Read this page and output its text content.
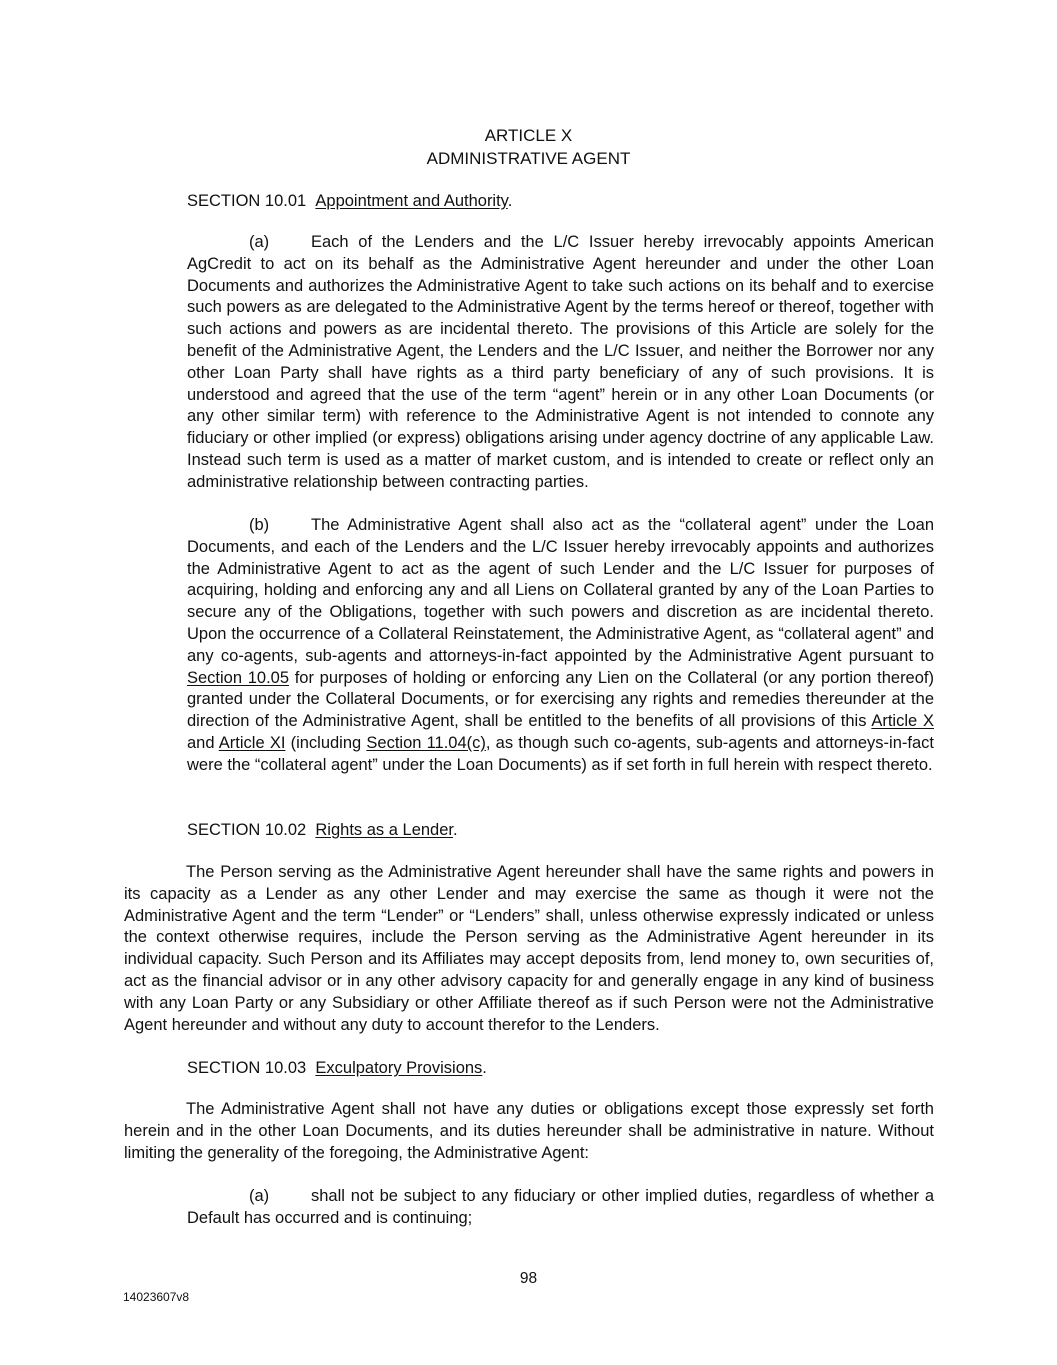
ARTICLE X
ADMINISTRATIVE AGENT
SECTION 10.01 Appointment and Authority.
(a)	Each of the Lenders and the L/C Issuer hereby irrevocably appoints American AgCredit to act on its behalf as the Administrative Agent hereunder and under the other Loan Documents and authorizes the Administrative Agent to take such actions on its behalf and to exercise such powers as are delegated to the Administrative Agent by the terms hereof or thereof, together with such actions and powers as are incidental thereto. The provisions of this Article are solely for the benefit of the Administrative Agent, the Lenders and the L/C Issuer, and neither the Borrower nor any other Loan Party shall have rights as a third party beneficiary of any of such provisions. It is understood and agreed that the use of the term “agent” herein or in any other Loan Documents (or any other similar term) with reference to the Administrative Agent is not intended to connote any fiduciary or other implied (or express) obligations arising under agency doctrine of any applicable Law. Instead such term is used as a matter of market custom, and is intended to create or reflect only an administrative relationship between contracting parties.
(b)	The Administrative Agent shall also act as the “collateral agent” under the Loan Documents, and each of the Lenders and the L/C Issuer hereby irrevocably appoints and authorizes the Administrative Agent to act as the agent of such Lender and the L/C Issuer for purposes of acquiring, holding and enforcing any and all Liens on Collateral granted by any of the Loan Parties to secure any of the Obligations, together with such powers and discretion as are incidental thereto. Upon the occurrence of a Collateral Reinstatement, the Administrative Agent, as “collateral agent” and any co-agents, sub-agents and attorneys-in-fact appointed by the Administrative Agent pursuant to Section 10.05 for purposes of holding or enforcing any Lien on the Collateral (or any portion thereof) granted under the Collateral Documents, or for exercising any rights and remedies thereunder at the direction of the Administrative Agent, shall be entitled to the benefits of all provisions of this Article X and Article XI (including Section 11.04(c), as though such co-agents, sub-agents and attorneys-in-fact were the “collateral agent” under the Loan Documents) as if set forth in full herein with respect thereto.
SECTION 10.02 Rights as a Lender.
The Person serving as the Administrative Agent hereunder shall have the same rights and powers in its capacity as a Lender as any other Lender and may exercise the same as though it were not the Administrative Agent and the term “Lender” or “Lenders” shall, unless otherwise expressly indicated or unless the context otherwise requires, include the Person serving as the Administrative Agent hereunder in its individual capacity. Such Person and its Affiliates may accept deposits from, lend money to, own securities of, act as the financial advisor or in any other advisory capacity for and generally engage in any kind of business with any Loan Party or any Subsidiary or other Affiliate thereof as if such Person were not the Administrative Agent hereunder and without any duty to account therefor to the Lenders.
SECTION 10.03 Exculpatory Provisions.
The Administrative Agent shall not have any duties or obligations except those expressly set forth herein and in the other Loan Documents, and its duties hereunder shall be administrative in nature. Without limiting the generality of the foregoing, the Administrative Agent:
(a)	shall not be subject to any fiduciary or other implied duties, regardless of whether a Default has occurred and is continuing;
98
14023607v8
